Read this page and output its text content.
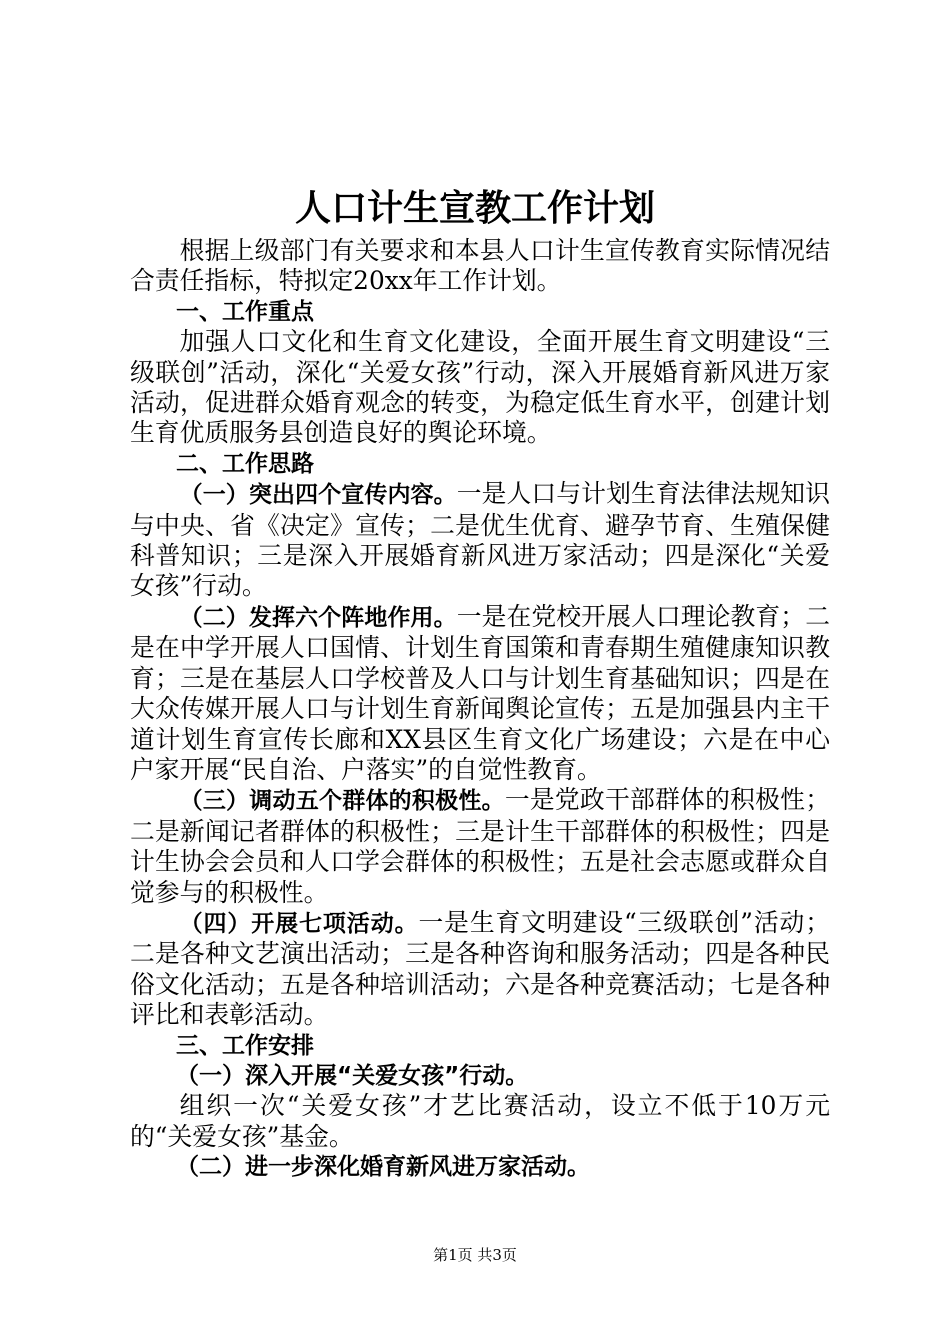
人口计生宣教工作计划

根据上级部门有关要求和本县人口计生宣传教育实际情况结合责任指标，特拟定20xx年工作计划。

一、工作重点

加强人口文化和生育文化建设，全面开展生育文明建设“三级联创”活动，深化“关爱女孩”行动，深入开展婚育新风进万家活动，促进群众婚育观念的转变，为稳定低生育水平，创建计划生育优质服务县创造良好的舆论环境。

二、工作思路

（一）突出四个宣传内容。一是人口与计划生育法律法规知识与中央、省《决定》宣传；二是优生优育、避孕节育、生殖保健科普知识；三是深入开展婚育新风进万家活动；四是深化“关爱女孩”行动。

（二）发挥六个阵地作用。一是在党校开展人口理论教育；二是在中学开展人口国情、计划生育国策和青春期生殖健康知识教育；三是在基层人口学校普及人口与计划生育基础知识；四是在大众传媒开展人口与计划生育新闻舆论宣传；五是加强县内主干道计划生育宣传长廊和XX县区生育文化广场建设；六是在中心户家开展“民自治、户落实”的自觉性教育。

（三）调动五个群体的积极性。一是党政干部群体的积极性；二是新闻记者群体的积极性；三是计生干部群体的积极性；四是计生协会会员和人口学会群体的积极性；五是社会志愿或群众自觉参与的积极性。

（四）开展七项活动。一是生育文明建设“三级联创”活动；二是各种文艺演出活动；三是各种咨询和服务活动；四是各种民俗文化活动；五是各种培训活动；六是各种竞赛活动；七是各种评比和表彰活动。

三、工作安排

（一）深入开展“关爱女孩”行动。

组织一次“关爱女孩”才艺比赛活动，设立不低于10万元的“关爱女孩”基金。

（二）进一步深化婚育新风进万家活动。

第1页 共3页
